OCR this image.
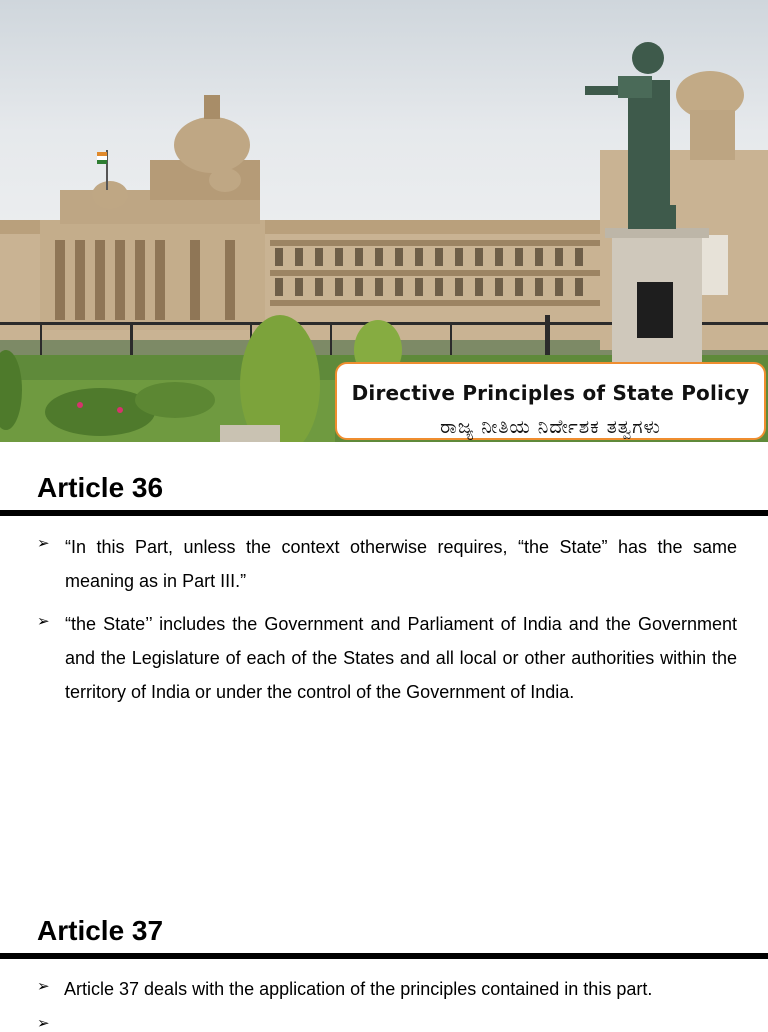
Directive Principles of State Policy
ರಾಜ್ಯ ನೀತಿಯ ನಿರ್ದೇಶಕ ತತ್ವಗಳು
Article 36
➢ “In this Part, unless the context otherwise requires, “the State” has the same meaning as in Part III.”
➢ “the State’’ includes the Government and Parliament of India and the Government and the Legislature of each of the States and all local or other authorities within the territory of India or under the control of the Government of India.
Article 37
➢ Article 37 deals with the application of the principles contained in this part.
➢
